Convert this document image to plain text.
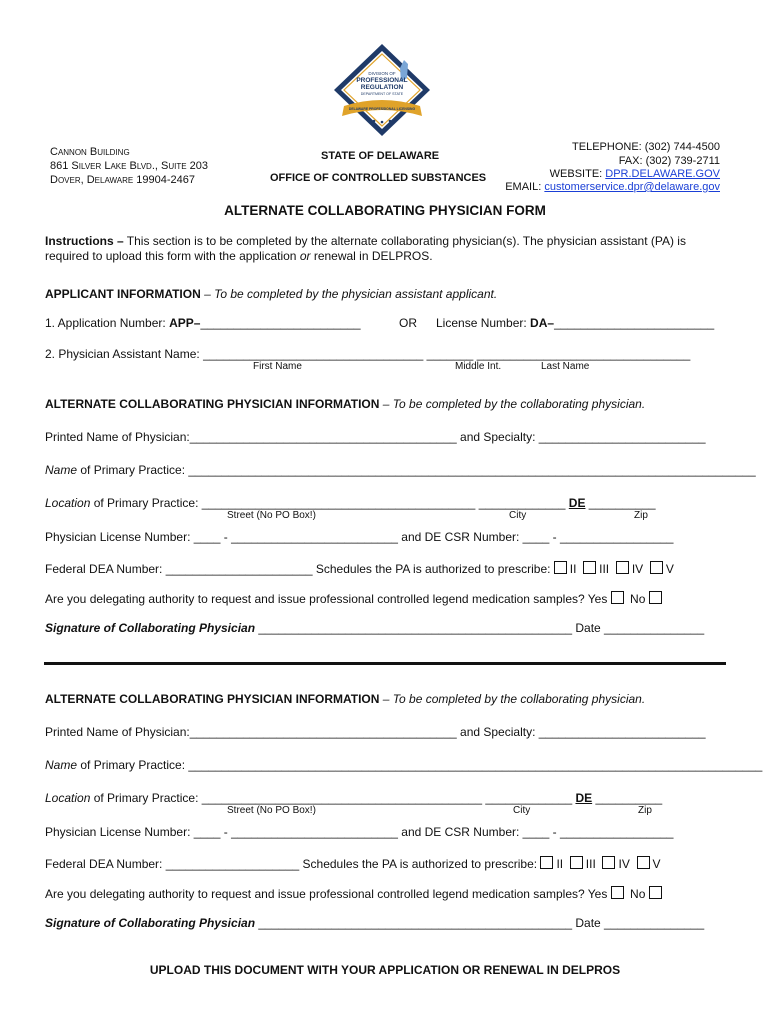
DIVISION OF
PROFESSIONAL
REGULATION
DEPARTMENT OF STATE
DELAWARE PROFESSIONAL LICENSING
Cannon Building
861 Silver Lake Blvd., Suite 203
Dover, Delaware 19904-2467
STATE OF DELAWARE
OFFICE OF CONTROLLED SUBSTANCES
TELEPHONE: (302) 744-4500
FAX: (302) 739-2711
WEBSITE: DPR.DELAWARE.GOV
EMAIL: customerservice.dpr@delaware.gov
ALTERNATE COLLABORATING PHYSICIAN FORM
Instructions – This section is to be completed by the alternate collaborating physician(s). The physician assistant (PA) is
required to upload this form with the application or renewal in DELPROS.
APPLICANT INFORMATION – To be completed by the physician assistant applicant.
1. Application Number: APP–________________________	OR License Number: DA–________________________
2. Physician Assistant Name: _________________________________ _______ ________________________________
First Name	Middle Int.	Last Name
ALTERNATE COLLABORATING PHYSICIAN INFORMATION – To be completed by the collaborating physician.
Printed Name of Physician:________________________________________ and Specialty: _________________________
Name of Primary Practice: _____________________________________________________________________________________
Location of Primary Practice: _________________________________________ _____________ DE __________
Street (No PO Box!)	City	Zip
Physician License Number: ____ - _________________________ and DE CSR Number: ____ - _________________
Federal DEA Number: ______________________ Schedules the PA is authorized to prescribe: II III IV V
Are you delegating authority to request and issue professional controlled legend medication samples? Yes  No
Signature of Collaborating Physician _______________________________________________ Date _______________
ALTERNATE COLLABORATING PHYSICIAN INFORMATION – To be completed by the collaborating physician.
Printed Name of Physician:________________________________________ and Specialty: _________________________
Name of Primary Practice: ______________________________________________________________________________________
Location of Primary Practice: __________________________________________ _____________ DE __________
Street (No PO Box!)	City	Zip
Physician License Number: ____ - _________________________ and DE CSR Number: ____ - _________________
Federal DEA Number: ____________________ Schedules the PA is authorized to prescribe: II III IV V
Are you delegating authority to request and issue professional controlled legend medication samples? Yes  No
Signature of Collaborating Physician _______________________________________________ Date _______________
UPLOAD THIS DOCUMENT WITH YOUR APPLICATION OR RENEWAL IN DELPROS
